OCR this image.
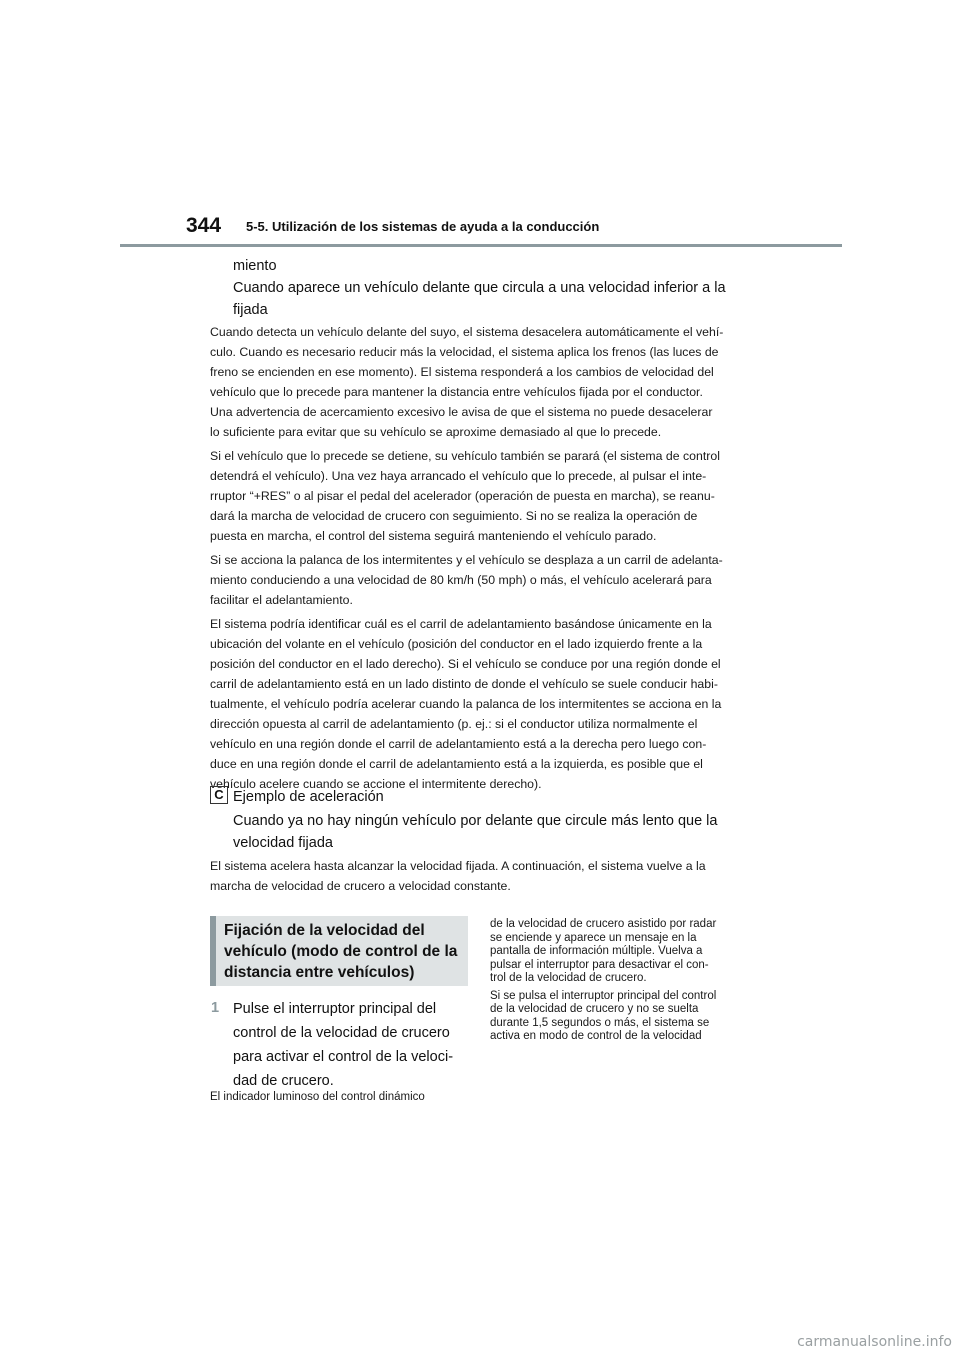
344 5-5. Utilización de los sistemas de ayuda a la conducción
miento
Cuando aparece un vehículo delante que circula a una velocidad inferior a la
fijada

Cuando detecta un vehículo delante del suyo, el sistema desacelera automáticamente el vehí-
culo. Cuando es necesario reducir más la velocidad, el sistema aplica los frenos (las luces de
freno se encienden en ese momento). El sistema responderá a los cambios de velocidad del
vehículo que lo precede para mantener la distancia entre vehículos fijada por el conductor.
Una advertencia de acercamiento excesivo le avisa de que el sistema no puede desacelerar
lo suficiente para evitar que su vehículo se aproxime demasiado al que lo precede.

Si el vehículo que lo precede se detiene, su vehículo también se parará (el sistema de control
detendrá el vehículo). Una vez haya arrancado el vehículo que lo precede, al pulsar el inte-
rruptor “+RES” o al pisar el pedal del acelerador (operación de puesta en marcha), se reanu-
dará la marcha de velocidad de crucero con seguimiento. Si no se realiza la operación de
puesta en marcha, el control del sistema seguirá manteniendo el vehículo parado.

Si se acciona la palanca de los intermitentes y el vehículo se desplaza a un carril de adelanta-
miento conduciendo a una velocidad de 80 km/h (50 mph) o más, el vehículo acelerará para
facilitar el adelantamiento.

El sistema podría identificar cuál es el carril de adelantamiento basándose únicamente en la
ubicación del volante en el vehículo (posición del conductor en el lado izquierdo frente a la
posición del conductor en el lado derecho). Si el vehículo se conduce por una región donde el
carril de adelantamiento está en un lado distinto de donde el vehículo se suele conducir habi-
tualmente, el vehículo podría acelerar cuando la palanca de los intermitentes se acciona en la
dirección opuesta al carril de adelantamiento (p. ej.: si el conductor utiliza normalmente el
vehículo en una región donde el carril de adelantamiento está a la derecha pero luego con-
duce en una región donde el carril de adelantamiento está a la izquierda, es posible que el
vehículo acelere cuando se accione el intermitente derecho).

C Ejemplo de aceleración
Cuando ya no hay ningún vehículo por delante que circule más lento que la
velocidad fijada

El sistema acelera hasta alcanzar la velocidad fijada. A continuación, el sistema vuelve a la
marcha de velocidad de crucero a velocidad constante.

Fijación de la velocidad del
vehículo (modo de control de la
distancia entre vehículos)
1 Pulse el interruptor principal del
control de la velocidad de crucero
para activar el control de la veloci-
dad de crucero.
El indicador luminoso del control dinámico

de la velocidad de crucero asistido por radar
se enciende y aparece un mensaje en la
pantalla de información múltiple. Vuelva a
pulsar el interruptor para desactivar el con-
trol de la velocidad de crucero.

Si se pulsa el interruptor principal del control
de la velocidad de crucero y no se suelta
durante 1,5 segundos o más, el sistema se
activa en modo de control de la velocidad

carmanualsonline.info
